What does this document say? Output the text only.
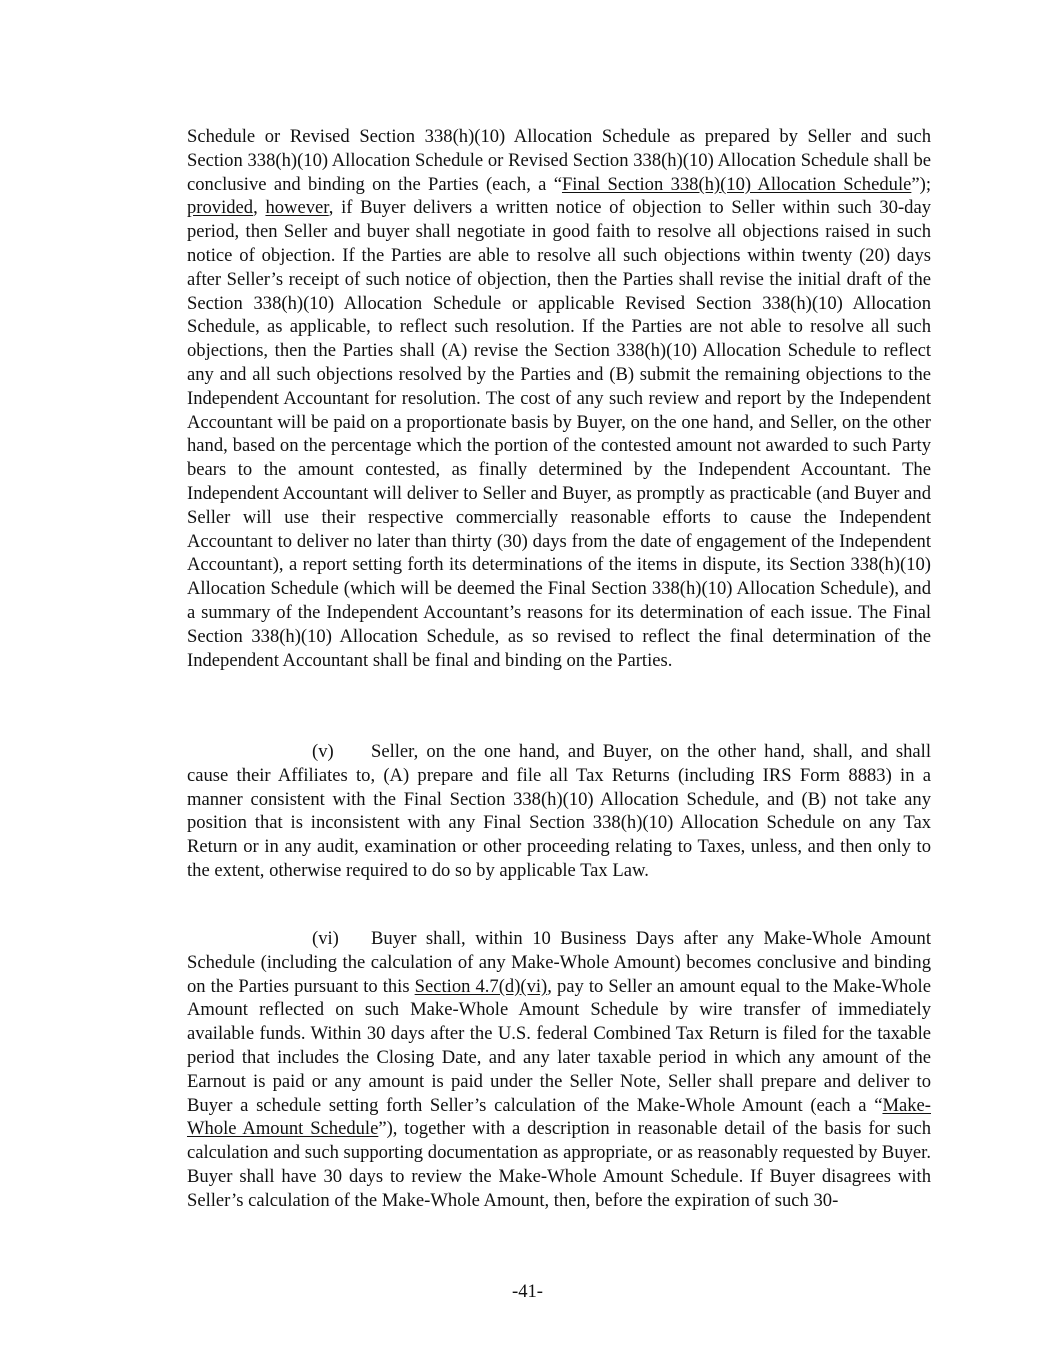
Schedule or Revised Section 338(h)(10) Allocation Schedule as prepared by Seller and such Section 338(h)(10) Allocation Schedule or Revised Section 338(h)(10) Allocation Schedule shall be conclusive and binding on the Parties (each, a “Final Section 338(h)(10) Allocation Schedule”); provided, however, if Buyer delivers a written notice of objection to Seller within such 30-day period, then Seller and buyer shall negotiate in good faith to resolve all objections raised in such notice of objection. If the Parties are able to resolve all such objections within twenty (20) days after Seller’s receipt of such notice of objection, then the Parties shall revise the initial draft of the Section 338(h)(10) Allocation Schedule or applicable Revised Section 338(h)(10) Allocation Schedule, as applicable, to reflect such resolution. If the Parties are not able to resolve all such objections, then the Parties shall (A) revise the Section 338(h)(10) Allocation Schedule to reflect any and all such objections resolved by the Parties and (B) submit the remaining objections to the Independent Accountant for resolution. The cost of any such review and report by the Independent Accountant will be paid on a proportionate basis by Buyer, on the one hand, and Seller, on the other hand, based on the percentage which the portion of the contested amount not awarded to such Party bears to the amount contested, as finally determined by the Independent Accountant. The Independent Accountant will deliver to Seller and Buyer, as promptly as practicable (and Buyer and Seller will use their respective commercially reasonable efforts to cause the Independent Accountant to deliver no later than thirty (30) days from the date of engagement of the Independent Accountant), a report setting forth its determinations of the items in dispute, its Section 338(h)(10) Allocation Schedule (which will be deemed the Final Section 338(h)(10) Allocation Schedule), and a summary of the Independent Accountant’s reasons for its determination of each issue. The Final Section 338(h)(10) Allocation Schedule, as so revised to reflect the final determination of the Independent Accountant shall be final and binding on the Parties.
(v) Seller, on the one hand, and Buyer, on the other hand, shall, and shall cause their Affiliates to, (A) prepare and file all Tax Returns (including IRS Form 8883) in a manner consistent with the Final Section 338(h)(10) Allocation Schedule, and (B) not take any position that is inconsistent with any Final Section 338(h)(10) Allocation Schedule on any Tax Return or in any audit, examination or other proceeding relating to Taxes, unless, and then only to the extent, otherwise required to do so by applicable Tax Law.
(vi) Buyer shall, within 10 Business Days after any Make-Whole Amount Schedule (including the calculation of any Make-Whole Amount) becomes conclusive and binding on the Parties pursuant to this Section 4.7(d)(vi), pay to Seller an amount equal to the Make-Whole Amount reflected on such Make-Whole Amount Schedule by wire transfer of immediately available funds. Within 30 days after the U.S. federal Combined Tax Return is filed for the taxable period that includes the Closing Date, and any later taxable period in which any amount of the Earnout is paid or any amount is paid under the Seller Note, Seller shall prepare and deliver to Buyer a schedule setting forth Seller’s calculation of the Make-Whole Amount (each a “Make-Whole Amount Schedule”), together with a description in reasonable detail of the basis for such calculation and such supporting documentation as appropriate, or as reasonably requested by Buyer. Buyer shall have 30 days to review the Make-Whole Amount Schedule. If Buyer disagrees with Seller’s calculation of the Make-Whole Amount, then, before the expiration of such 30-
-41-
